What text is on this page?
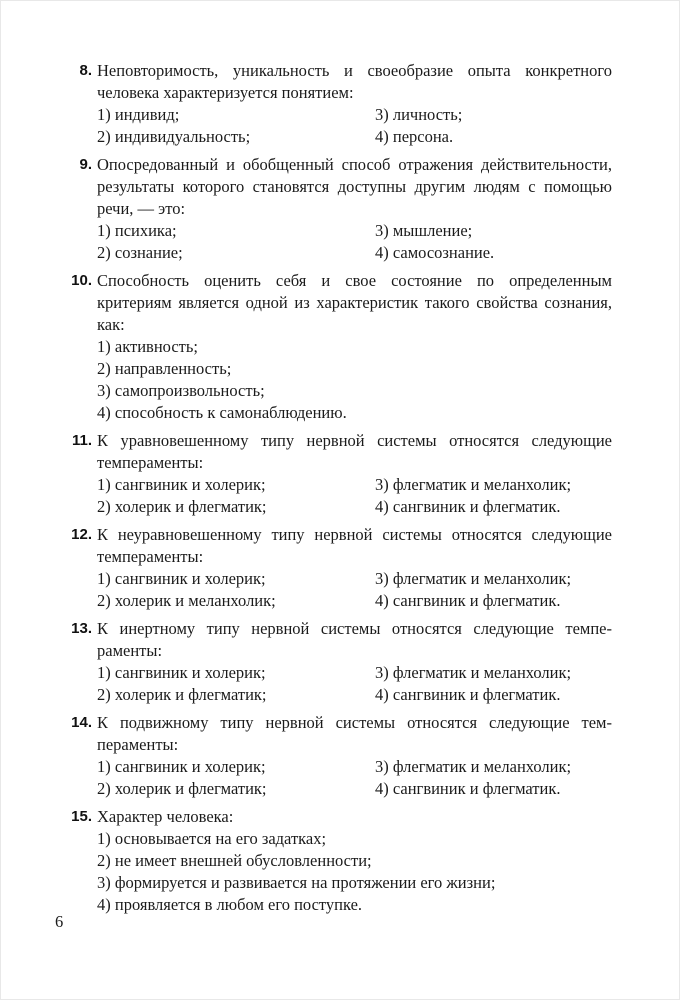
8. Неповторимость, уникальность и своеобразие опыта конкретного человека характеризуется понятием:

1) индивид;
2) индивидуальность;
3) личность;
4) персона.
9. Опосредованный и обобщенный способ отражения действительности, результаты которого становятся доступны другим людям с помощью речи, — это:

1) психика;
2) сознание;
3) мышление;
4) самосознание.
10. Способность оценить себя и свое состояние по определенным критериям является одной из характеристик такого свойства сознания, как:

1) активность;
2) направленность;
3) самопроизвольность;
4) способность к самонаблюдению.
11. К уравновешенному типу нервной системы относятся следующие темпераменты:

1) сангвиник и холерик;
2) холерик и флегматик;
3) флегматик и меланхолик;
4) сангвиник и флегматик.
12. К неуравновешенному типу нервной системы относятся следующие темпераменты:

1) сангвиник и холерик;
2) холерик и меланхолик;
3) флегматик и меланхолик;
4) сангвиник и флегматик.
13. К инертному типу нервной системы относятся следующие темпераменты:

1) сангвиник и холерик;
2) холерик и флегматик;
3) флегматик и меланхолик;
4) сангвиник и флегматик.
14. К подвижному типу нервной системы относятся следующие темпераменты:

1) сангвиник и холерик;
2) холерик и флегматик;
3) флегматик и меланхолик;
4) сангвиник и флегматик.
15. Характер человека:

1) основывается на его задатках;
2) не имеет внешней обусловленности;
3) формируется и развивается на протяжении его жизни;
4) проявляется в любом его поступке.
6
